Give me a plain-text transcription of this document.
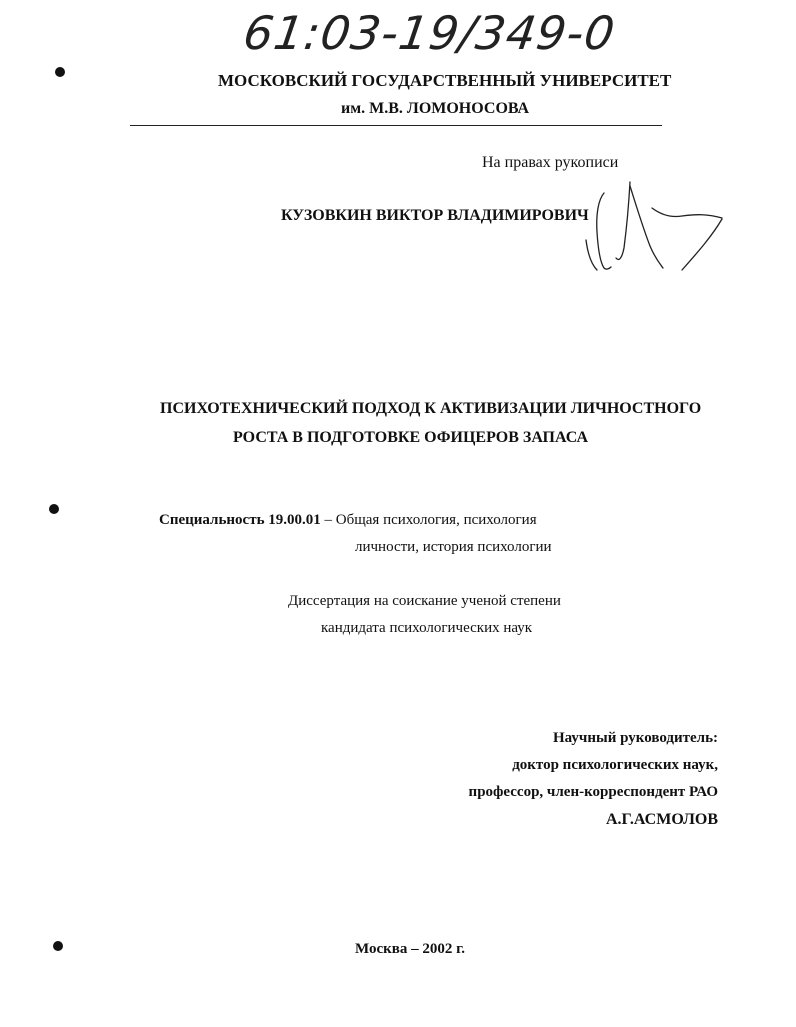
61:03-19/349-0
МОСКОВСКИЙ ГОСУДАРСТВЕННЫЙ УНИВЕРСИТЕТ
им. М.В. ЛОМОНОСОВА
На правах рукописи
КУЗОВКИН ВИКТОР ВЛАДИМИРОВИЧ
ПСИХОТЕХНИЧЕСКИЙ ПОДХОД К АКТИВИЗАЦИИ ЛИЧНОСТНОГО
РОСТА В ПОДГОТОВКЕ ОФИЦЕРОВ ЗАПАСА
Специальность 19.00.01 – Общая психология, психология
личности, история психологии
Диссертация на соискание ученой степени
кандидата психологических наук
Научный руководитель:
доктор психологических наук,
профессор, член-корреспондент РАО
А.Г.АСМОЛОВ
Москва – 2002 г.
